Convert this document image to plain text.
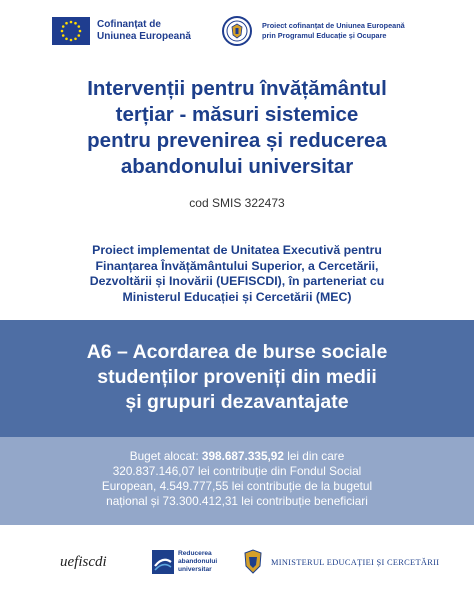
Cofinanțat de
Uniunea Europeană
Proiect cofinanțat de Uniunea Europeană
prin Programul Educație și Ocupare
Intervenții pentru învățământul
terțiar - măsuri sistemice
pentru prevenirea și reducerea
abandonului universitar
cod SMIS 322473
Proiect implementat de Unitatea Executivă pentru
Finanțarea Învățământului Superior, a Cercetării,
Dezvoltării și Inovării (UEFISCDI), în parteneriat cu
Ministerul Educației și Cercetării (MEC)
A6 – Acordarea de burse sociale
studenților proveniți din medii
și grupuri dezavantajate
Buget alocat: 398.687.335,92 lei din care
320.837.146,07 lei contribuție din Fondul Social
European, 4.549.777,55 lei contribuție de la bugetul
național și 73.300.412,31 lei contribuție beneficiari
uefiscdi	Reducerea
abandonului
universitar
MINISTERUL EDUCAȚIEI ȘI CERCETĂRII
